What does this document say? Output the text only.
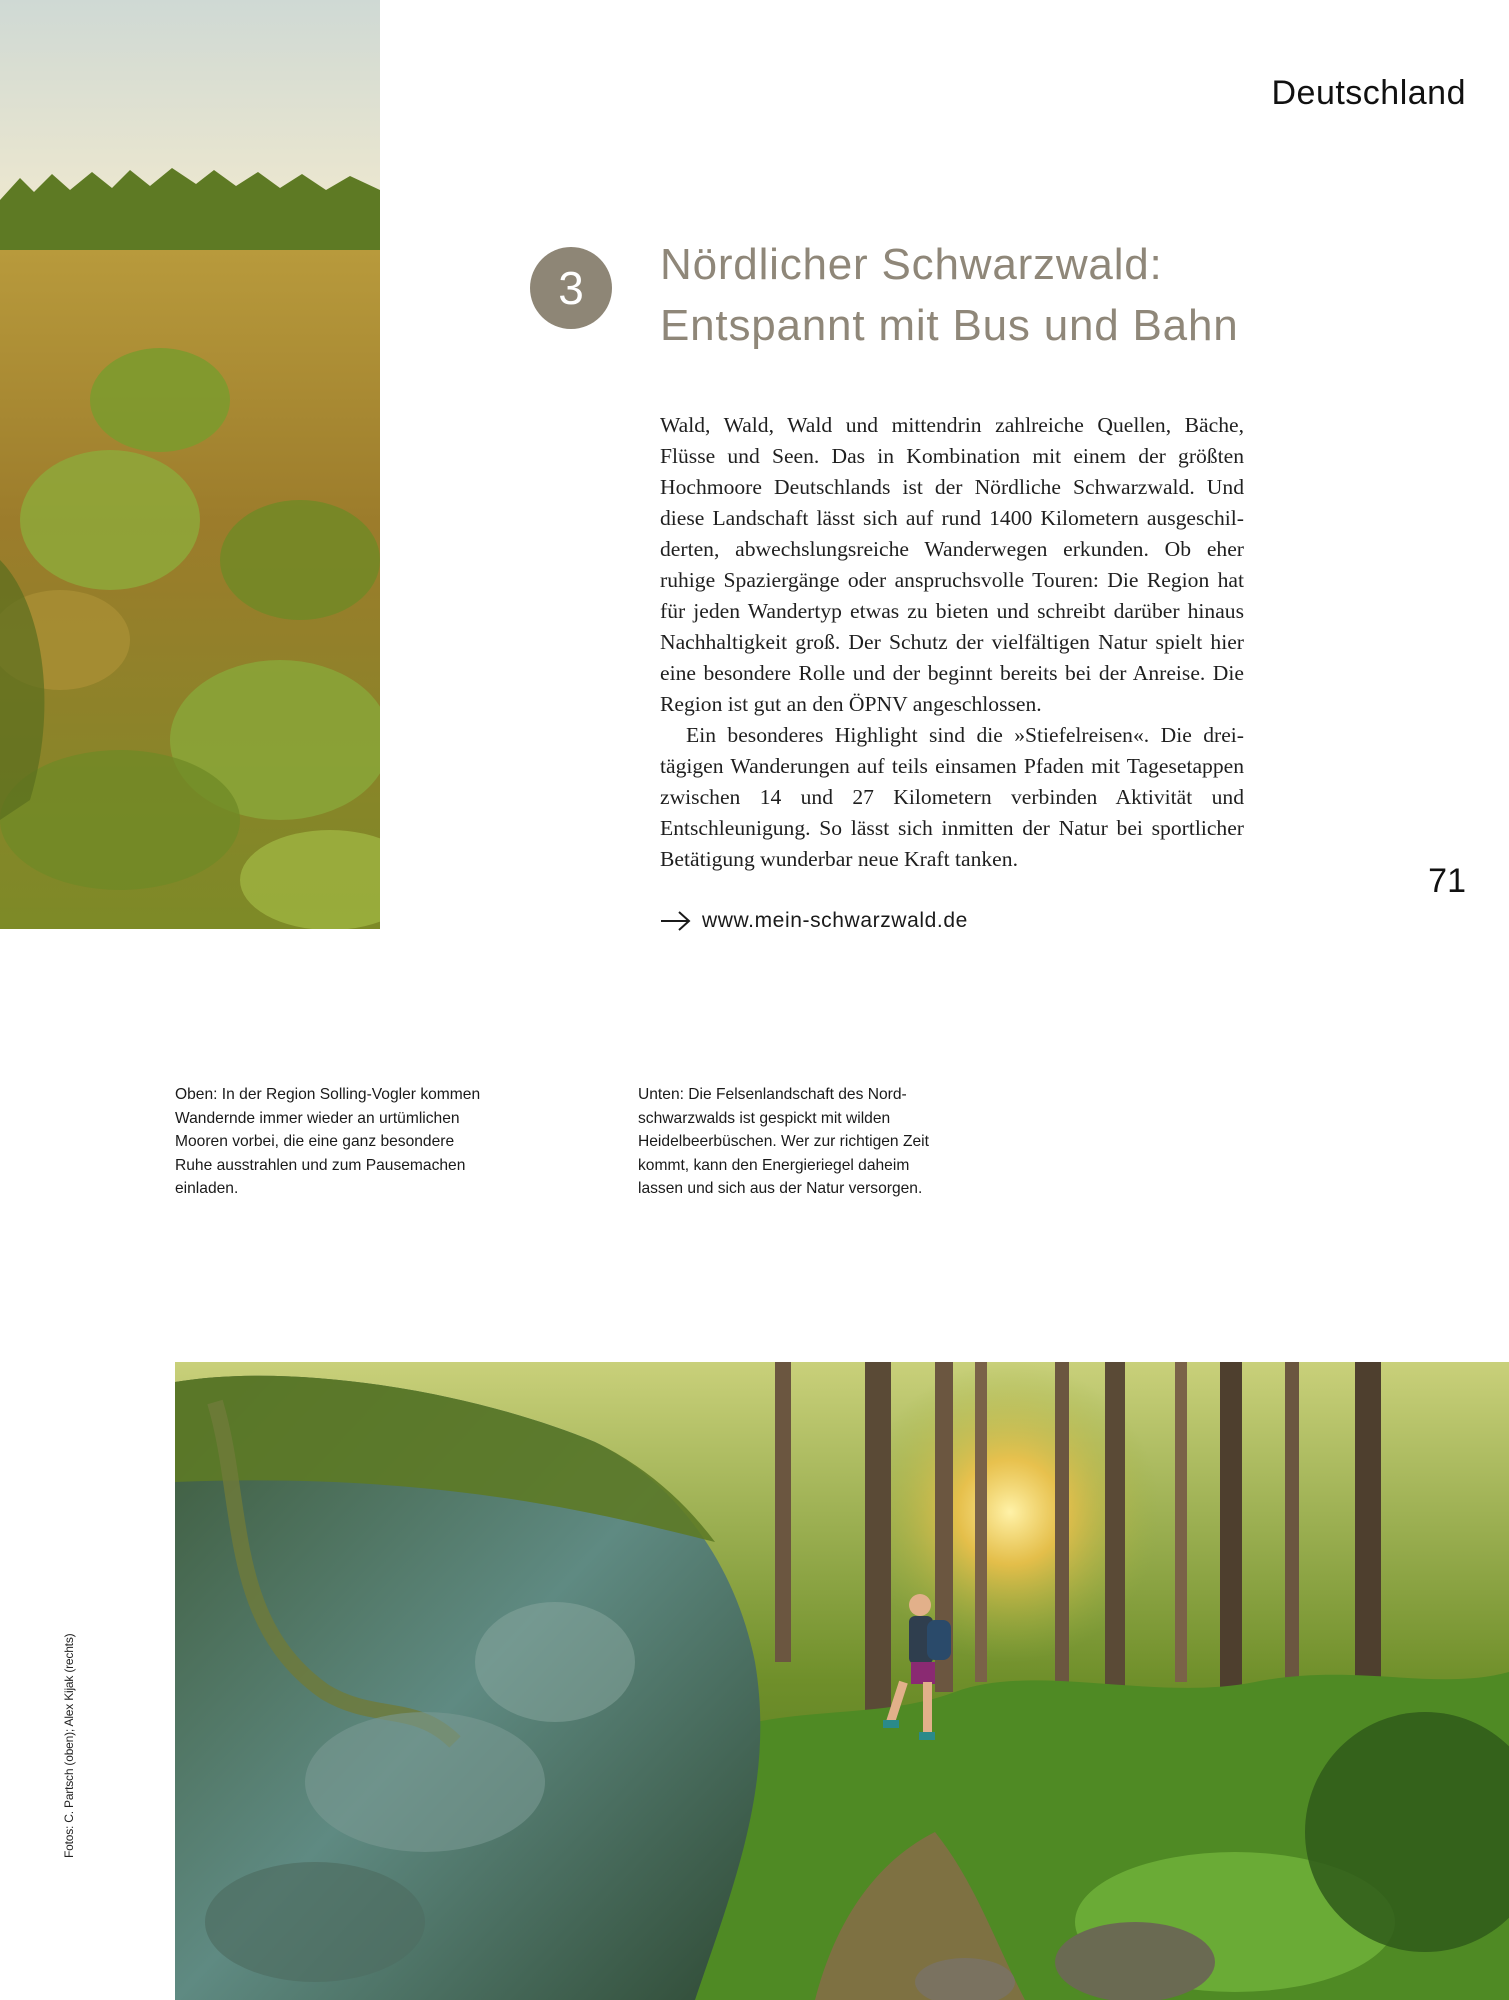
Deutschland
3	Nördlicher Schwarzwald:
Entspannt mit Bus und Bahn

Wald, Wald, Wald und mittendrin zahlreiche Quellen, Bäche, Flüsse und Seen. Das in Kombination mit einem der größten Hochmoore Deutschlands ist der Nördliche Schwarzwald. Und diese Landschaft lässt sich auf rund 1400 Kilometern ausgeschilderten, abwechslungsreiche Wanderwegen erkunden. Ob eher ruhige Spaziergänge oder anspruchsvolle Touren: Die Region hat für jeden Wandertyp etwas zu bieten und schreibt darüber hinaus Nachhaltigkeit groß. Der Schutz der vielfältigen Natur spielt hier eine besondere Rolle und der beginnt bereits bei der Anreise. Die Region ist gut an den ÖPNV angeschlossen.

Ein besonderes Highlight sind die »Stiefelreisen«. Die dreitägigen Wanderungen auf teils einsamen Pfaden mit Tagesetappen zwischen 14 und 27 Kilometern verbinden Aktivität und Entschleunigung. So lässt sich inmitten der Natur bei sportlicher Betätigung wunderbar neue Kraft tanken.

www.mein-schwarzwald.de
71
Oben: In der Region Solling-Vogler kommen Wandernde immer wieder an urtümlichen Mooren vorbei, die eine ganz besondere Ruhe ausstrahlen und zum Pausemachen einladen.
Unten: Die Felsenlandschaft des Nordschwarzwalds ist gespickt mit wilden Heidelbeerbüschen. Wer zur richtigen Zeit kommt, kann den Energieriegel daheim lassen und sich aus der Natur versorgen.
Fotos: C. Partsch (oben); Alex Kijak (rechts)
